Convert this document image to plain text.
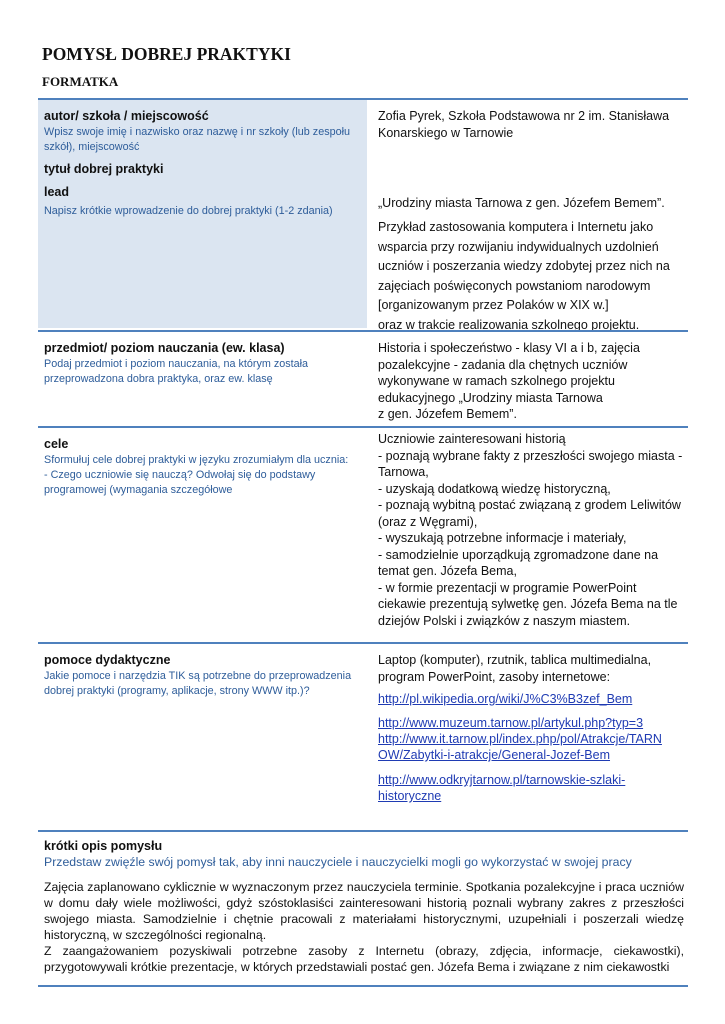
POMYSŁ DOBREJ PRAKTYKI
FORMATKA
autor/ szkoła / miejscowość
Wpisz swoje imię i nazwisko oraz nazwę i nr szkoły (lub zespołu
szkół), miejscowość
tytuł dobrej praktyki
lead
Napisz krótkie wprowadzenie do dobrej praktyki (1-2 zdania)
Zofia Pyrek, Szkoła Podstawowa nr 2 im. Stanisława
Konarskiego w Tarnowie
„Urodziny miasta Tarnowa z gen. Józefem Bemem”.
Przykład zastosowania komputera i Internetu jako
wsparcia przy rozwijaniu indywidualnych uzdolnień
uczniów i poszerzania wiedzy zdobytej przez nich na
zajęciach poświęconych powstaniom narodowym
[organizowanym przez Polaków w XIX w.]
oraz w trakcie realizowania szkolnego projektu.
przedmiot/ poziom nauczania (ew. klasa)
Podaj przedmiot i poziom nauczania, na którym została
przeprowadzona dobra praktyka, oraz ew. klasę
Historia i społeczeństwo - klasy VI a i b, zajęcia
pozalekcyjne - zadania dla chętnych uczniów
wykonywane w ramach szkolnego projektu
edukacyjnego „Urodziny miasta Tarnowa
z gen. Józefem Bemem”.
cele
Sformułuj cele dobrej praktyki w języku zrozumiałym dla ucznia:
- Czego uczniowie się nauczą? Odwołaj się do podstawy
programowej (wymagania szczegółowe
Uczniowie zainteresowani historią
- poznają wybrane fakty z przeszłości swojego miasta -
Tarnowa,
- uzyskają dodatkową wiedzę historyczną,
- poznają wybitną postać związaną z grodem Leliwitów
(oraz z Węgrami),
- wyszukają potrzebne informacje i materiały,
- samodzielnie uporządkują zgromadzone dane na
temat gen. Józefa Bema,
- w formie prezentacji w programie PowerPoint
ciekawie prezentują sylwetkę gen. Józefa Bema na tle
dziejów Polski i związków z naszym miastem.
pomoce dydaktyczne
Jakie pomoce i narzędzia TIK są potrzebne do przeprowadzenia
dobrej praktyki (programy, aplikacje, strony WWW itp.)?
Laptop (komputer), rzutnik, tablica multimedialna,
program PowerPoint, zasoby internetowe:
http://pl.wikipedia.org/wiki/J%C3%B3zef_Bem
http://www.muzeum.tarnow.pl/artykul.php?typ=3
http://www.it.tarnow.pl/index.php/pol/Atrakcje/TARN
OW/Zabytki-i-atrakcje/General-Jozef-Bem
http://www.odkryjtarnow.pl/tarnowskie-szlaki-
historyczne
krótki opis pomysłu
Przedstaw zwięźle swój pomysł tak, aby inni nauczyciele i nauczycielki mogli go wykorzystać w swojej pracy

Zajęcia zaplanowano cyklicznie w wyznaczonym przez nauczyciela terminie. Spotkania pozalekcyjne i praca uczniów w domu dały wiele możliwości, gdyż szóstoklasiści zainteresowani historią poznali wybrany zakres z przeszłości swojego miasta. Samodzielnie i chętnie pracowali z materiałami historycznymi, uzupełniali i poszerzali wiedzę historyczną, w szczególności regionalną.

Z zaangażowaniem pozyskiwali potrzebne zasoby z Internetu (obrazy, zdjęcia, informacje, ciekawostki), przygotowywali krótkie prezentacje, w których przedstawiali postać gen. Józefa Bema i związane z nim ciekawostki
